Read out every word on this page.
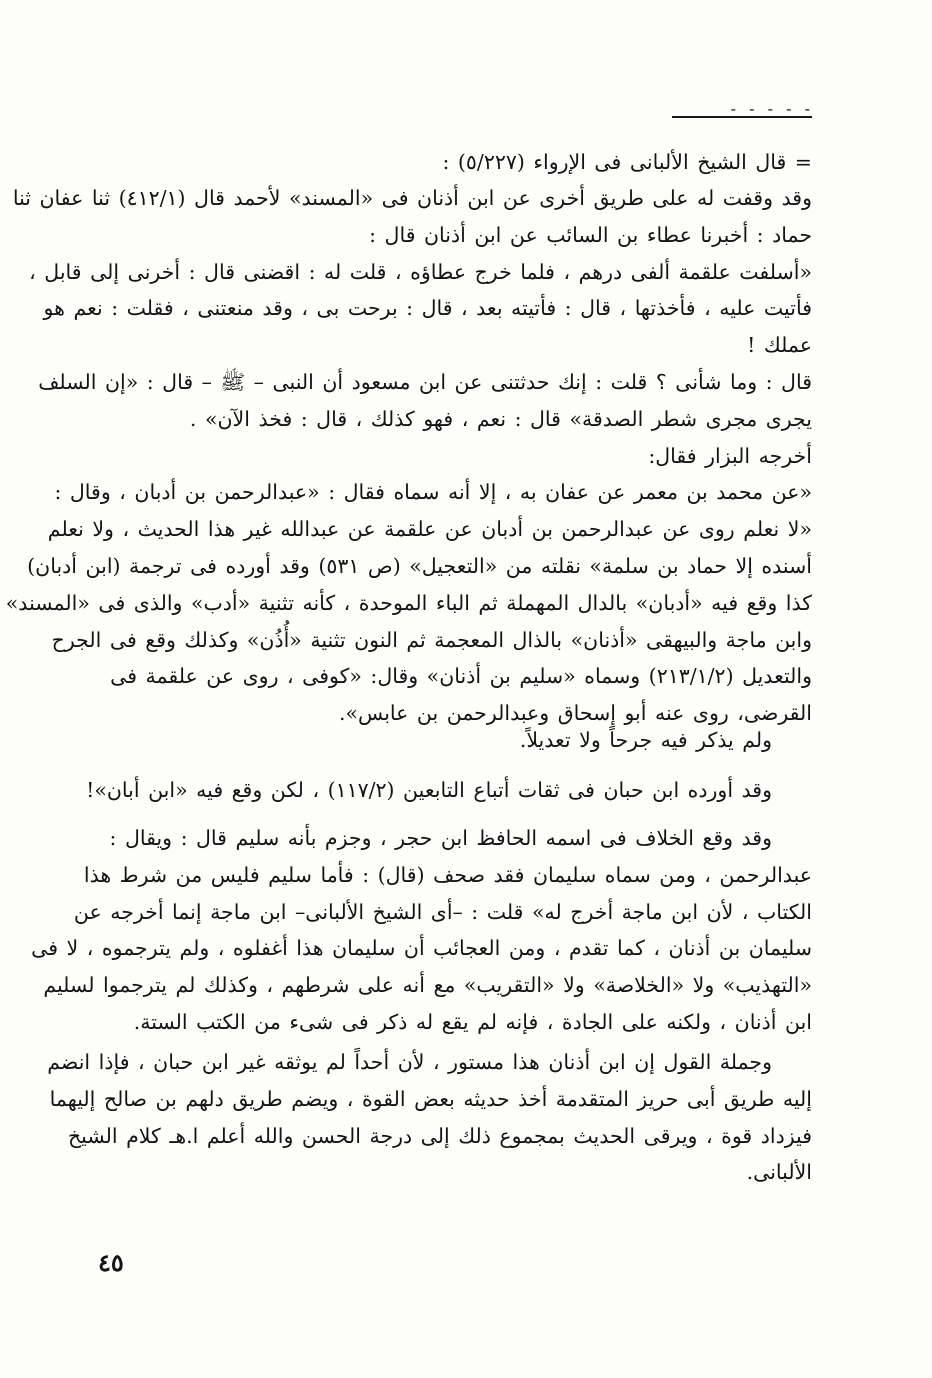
- - - - -
= قال الشيخ الألبانى فى الإرواء (٥/٢٢٧) :
وقد وقفت له على طريق أخرى عن ابن أذنان فى «المسند» لأحمد قال (٤١٢/١) ثنا عفان ثنا
حماد : أخبرنا عطاء بن السائب عن ابن أذنان قال :
«أسلفت علقمة ألفى درهم ، فلما خرج عطاؤه ، قلت له : اقضنى قال : أخرنى إلى قابل ،
فأتيت عليه ، فأخذتها ، قال : فأتيته بعد ، قال : برحت بى ، وقد منعتنى ، فقلت : نعم هو
عملك !
قال : وما شأنى ؟ قلت : إنك حدثتنى عن ابن مسعود أن النبى – ﷺ – قال : «إن السلف
يجرى مجرى شطر الصدقة» قال : نعم ، فهو كذلك ، قال : فخذ الآن» .
أخرجه البزار فقال:
«عن محمد بن معمر عن عفان به ، إلا أنه سماه فقال : «عبدالرحمن بن أدبان ، وقال :
«لا نعلم روى عن عبدالرحمن بن أدبان عن علقمة عن عبدالله غير هذا الحديث ، ولا نعلم
أسنده إلا حماد بن سلمة» نقلته من «التعجيل» (ص ٥٣١) وقد أورده فى ترجمة (ابن أدبان)
كذا وقع فيه «أدبان» بالدال المهملة ثم الباء الموحدة ، كأنه تثنية «أدب» والذى فى «المسند»
وابن ماجة والبيهقى «أذنان» بالذال المعجمة ثم النون تثنية «أُذُن» وكذلك وقع فى الجرح
والتعديل (٢١٣/١/٢) وسماه «سليم بن أذنان» وقال: «كوفى ، روى عن علقمة فى
القرضى، روى عنه أبو إسحاق وعبدالرحمن بن عابس».
ولم يذكر فيه جرحاً ولا تعديلاً.
وقد أورده ابن حبان فى ثقات أتباع التابعين (١١٧/٢) ، لكن وقع فيه «ابن أبان»!
وقد وقع الخلاف فى اسمه الحافظ ابن حجر ، وجزم بأنه سليم قال : ويقال :
عبدالرحمن ، ومن سماه سليمان فقد صحف (قال) : فأما سليم فليس من شرط هذا
الكتاب ، لأن ابن ماجة أخرج له» قلت : –أى الشيخ الألبانى– ابن ماجة إنما أخرجه عن
سليمان بن أذنان ، كما تقدم ، ومن العجائب أن سليمان هذا أغفلوه ، ولم يترجموه ، لا فى
«التهذيب» ولا «الخلاصة» ولا «التقريب» مع أنه على شرطهم ، وكذلك لم يترجموا لسليم
ابن أذنان ، ولكنه على الجادة ، فإنه لم يقع له ذكر فى شىء من الكتب الستة.
وجملة القول إن ابن أذنان هذا مستور ، لأن أحداً لم يوثقه غير ابن حبان ، فإذا انضم
إليه طريق أبى حريز المتقدمة أخذ حديثه بعض القوة ، ويضم طريق دلهم بن صالح إليهما
فيزداد قوة ، ويرقى الحديث بمجموع ذلك إلى درجة الحسن والله أعلم ا.هـ كلام الشيخ
الألبانى.
٤٥
